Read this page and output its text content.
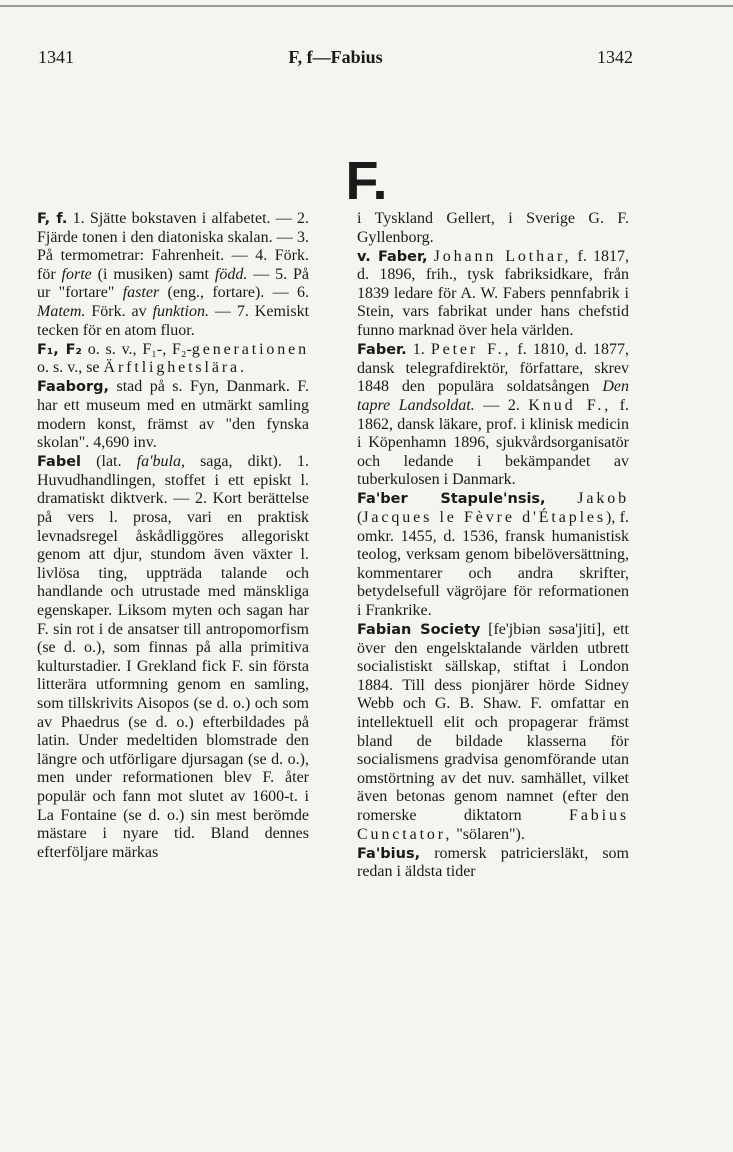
1341	F, f—Fabius	1342
F.

F, f. 1. Sjätte bokstaven i alfabetet. — 2. Fjärde tonen i den diatoniska skalan. — 3. På termometrar: Fahrenheit. — 4. Förk. för forte (i musiken) samt född. — 5. På ur "fortare" faster (eng., fortare). — 6. Matem. Förk. av funktion. — 7. Kemiskt tecken för en atom fluor.

F₁, F₂ o. s. v., F₁-, F₂-generationen o. s. v., se Ärftlighetslära.

Faaborg, stad på s. Fyn, Danmark. F. har ett museum med en utmärkt samling modern konst, främst av "den fynska skolan". 4,690 inv.

Fabel (lat. fa'bula, saga, dikt). 1. Huvudhandlingen, stoffet i ett episkt l. dramatiskt diktverk. — 2. Kort berättelse på vers l. prosa, vari en praktisk levnadsregel åskådliggöres allegoriskt genom att djur, stundom även växter l. livlösa ting, uppträda talande och handlande och utrustade med mänskliga egenskaper. Liksom myten och sagan har F. sin rot i de ansatser till antropomorfism (se d. o.), som finnas på alla primitiva kulturstadier. I Grekland fick F. sin första litterära utformning genom en samling, som tillskrivits Aisopos (se d. o.) och som av Phaedrus (se d. o.) efterbildades på latin. Under medeltiden blomstrade den längre och utförligare djursagan (se d. o.), men under reformationen blev F. åter populär och fann mot slutet av 1600-t. i La Fontaine (se d. o.) sin mest berömde mästare i nyare tid. Bland dennes efterföljare märkas

i Tyskland Gellert, i Sverige G. F. Gyllenborg.

v. Faber, Johann Lothar, f. 1817, d. 1896, frih., tysk fabriksidkare, från 1839 ledare för A. W. Fabers pennfabrik i Stein, vars fabrikat under hans chefstid funno marknad över hela världen.

Faber. 1. Peter F., f. 1810, d. 1877, dansk telegrafdirektör, författare, skrev 1848 den populära soldatsången Den tapre Landsoldat. — 2. Knud F., f. 1862, dansk läkare, prof. i klinisk medicin i Köpenhamn 1896, sjukvårdsorganisatör och ledande i bekämpandet av tuberkulosen i Danmark.

Fa'ber Stapule'nsis, Jakob (Jacques le Fèvre d'Étaples), f. omkr. 1455, d. 1536, fransk humanistisk teolog, verksam genom bibelöversättning, kommentarer och andra skrifter, betydelsefull vägröjare för reformationen i Frankrike.

Fabian Society [fe'jbiən səsa'jiti], ett över den engelsktalande världen utbrett socialistiskt sällskap, stiftat i London 1884. Till dess pionjärer hörde Sidney Webb och G. B. Shaw. F. omfattar en intellektuell elit och propagerar främst bland de bildade klasserna för socialismens gradvisa genomförande utan omstörtning av det nuv. samhället, vilket även betonas genom namnet (efter den romerske diktatorn Fabius Cunctator, "sölaren").

Fa'bius, romersk patriciersläkt, som redan i äldsta tider
